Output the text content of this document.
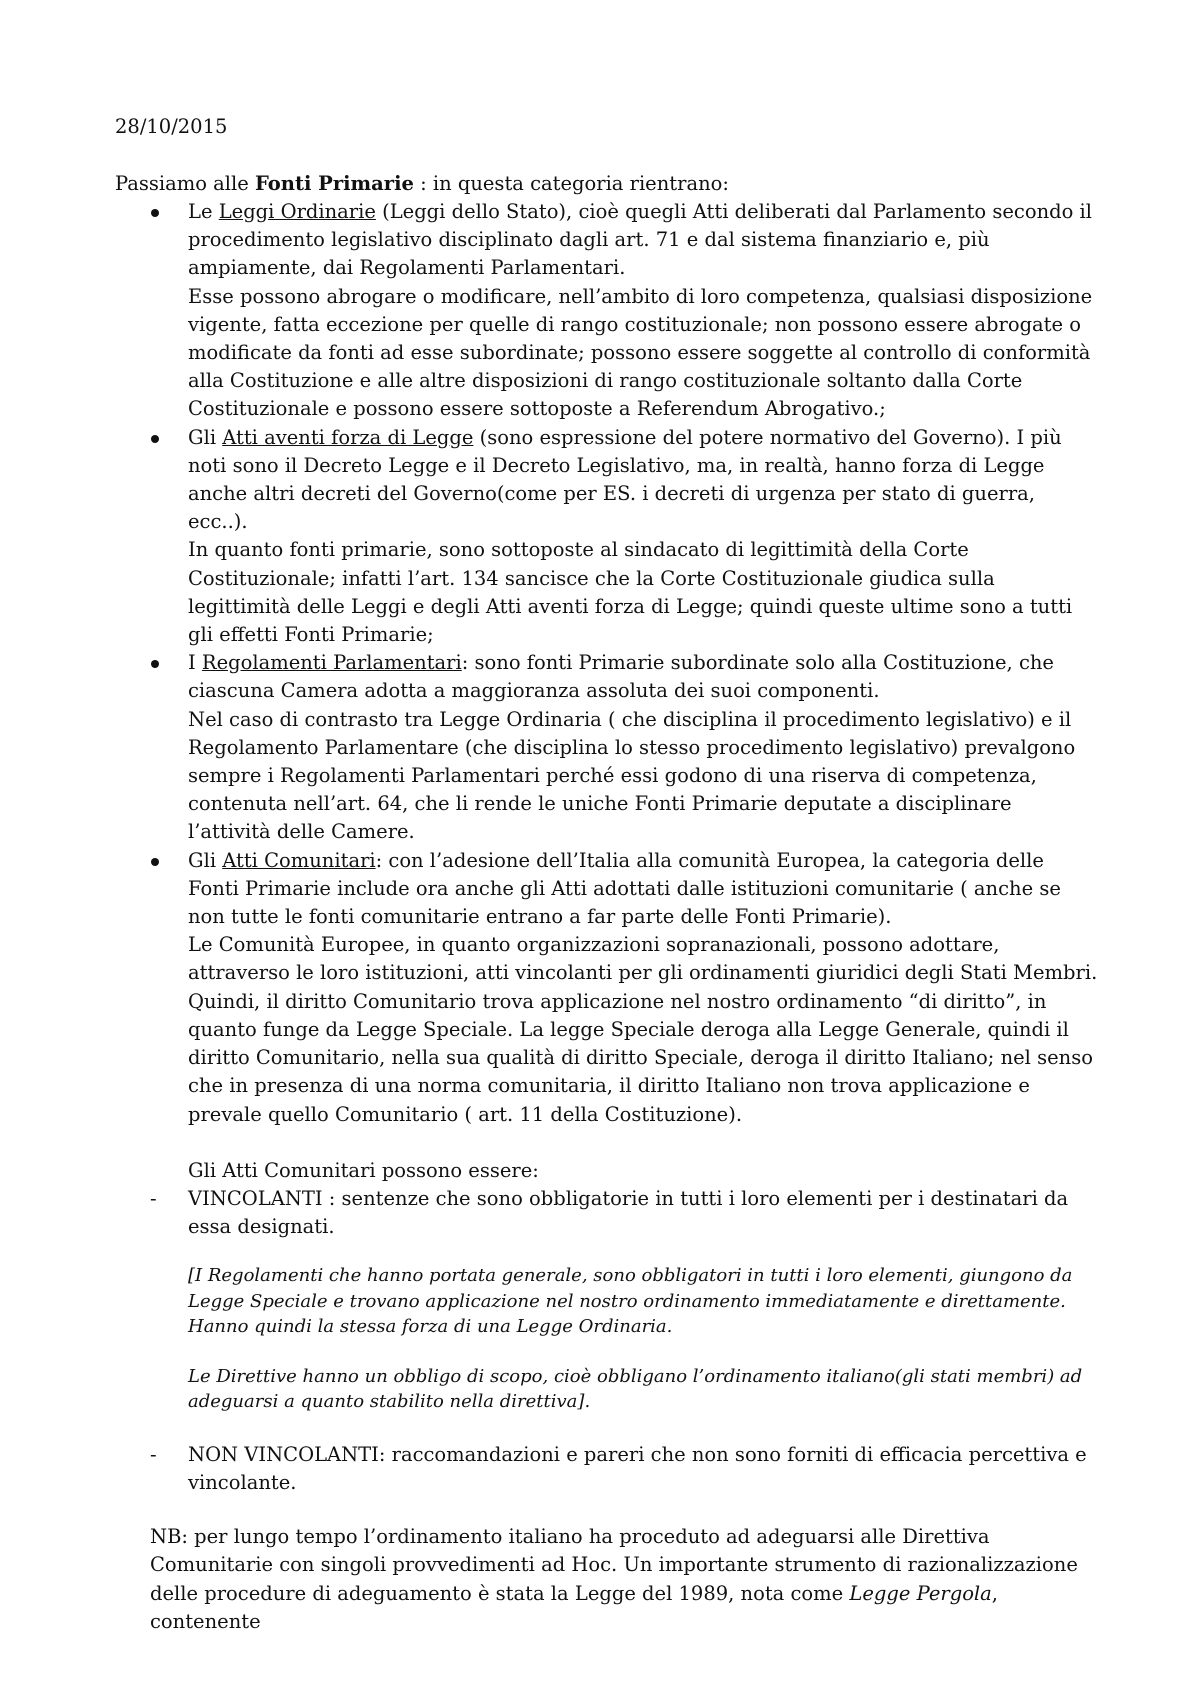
28/10/2015
Passiamo alle Fonti Primarie : in questa categoria rientrano:

Le Leggi Ordinarie (Leggi dello Stato), cioè quegli Atti deliberati dal Parlamento secondo il procedimento legislativo disciplinato dagli art. 71 e dal sistema finanziario e, più ampiamente, dai Regolamenti Parlamentari.

Esse possono abrogare o modificare, nell’ambito di loro competenza, qualsiasi disposizione vigente, fatta eccezione per quelle di rango costituzionale; non possono essere abrogate o modificate da fonti ad esse subordinate; possono essere soggette al controllo di conformità alla Costituzione e alle altre disposizioni di rango costituzionale soltanto dalla Corte Costituzionale e possono essere sottoposte a Referendum Abrogativo.;

Gli Atti aventi forza di Legge (sono espressione del potere normativo del Governo). I più noti sono il Decreto Legge e il Decreto Legislativo, ma, in realtà, hanno forza di Legge anche altri decreti del Governo(come per ES. i decreti di urgenza per stato di guerra, ecc..).

In quanto fonti primarie, sono sottoposte al sindacato di legittimità della Corte Costituzionale; infatti l’art. 134 sancisce che la Corte Costituzionale giudica sulla legittimità delle Leggi e degli Atti aventi forza di Legge; quindi queste ultime sono a tutti gli effetti Fonti Primarie;

I Regolamenti Parlamentari: sono fonti Primarie subordinate solo alla Costituzione, che ciascuna Camera adotta a maggioranza assoluta dei suoi componenti.

Nel caso di contrasto tra Legge Ordinaria ( che disciplina il procedimento legislativo) e il Regolamento Parlamentare (che disciplina lo stesso procedimento legislativo) prevalgono sempre i Regolamenti Parlamentari perché essi godono di una riserva di competenza, contenuta nell’art. 64, che li rende le uniche Fonti Primarie deputate a disciplinare l’attività delle Camere.

Gli Atti Comunitari: con l’adesione dell’Italia alla comunità Europea, la categoria delle Fonti Primarie include ora anche gli Atti adottati dalle istituzioni comunitarie ( anche se non tutte le fonti comunitarie entrano a far parte delle Fonti Primarie).

Le Comunità Europee, in quanto organizzazioni sopranazionali, possono adottare, attraverso le loro istituzioni, atti vincolanti per gli ordinamenti giuridici degli Stati Membri. Quindi, il diritto Comunitario trova applicazione nel nostro ordinamento “di diritto”, in quanto funge da Legge Speciale. La legge Speciale deroga alla Legge Generale, quindi il diritto Comunitario, nella sua qualità di diritto Speciale, deroga il diritto Italiano; nel senso che in presenza di una norma comunitaria, il diritto Italiano non trova applicazione e prevale quello Comunitario ( art. 11 della Costituzione).

Gli Atti Comunitari possono essere:

- VINCOLANTI : sentenze che sono obbligatorie in tutti i loro elementi per i destinatari da essa designati.

[I Regolamenti che hanno portata generale, sono obbligatori in tutti i loro elementi, giungono da Legge Speciale e trovano applicazione nel nostro ordinamento immediatamente e direttamente. Hanno quindi la stessa forza di una Legge Ordinaria.

Le Direttive hanno un obbligo di scopo, cioè obbligano l’ordinamento italiano(gli stati membri) ad adeguarsi a quanto stabilito nella direttiva].

- NON VINCOLANTI: raccomandazioni e pareri che non sono forniti di efficacia percettiva e vincolante.

NB: per lungo tempo l’ordinamento italiano ha proceduto ad adeguarsi alle Direttiva Comunitarie con singoli provvedimenti ad Hoc. Un importante strumento di razionalizzazione delle procedure di adeguamento è stata la Legge del 1989, nota come Legge Pergola, contenente
